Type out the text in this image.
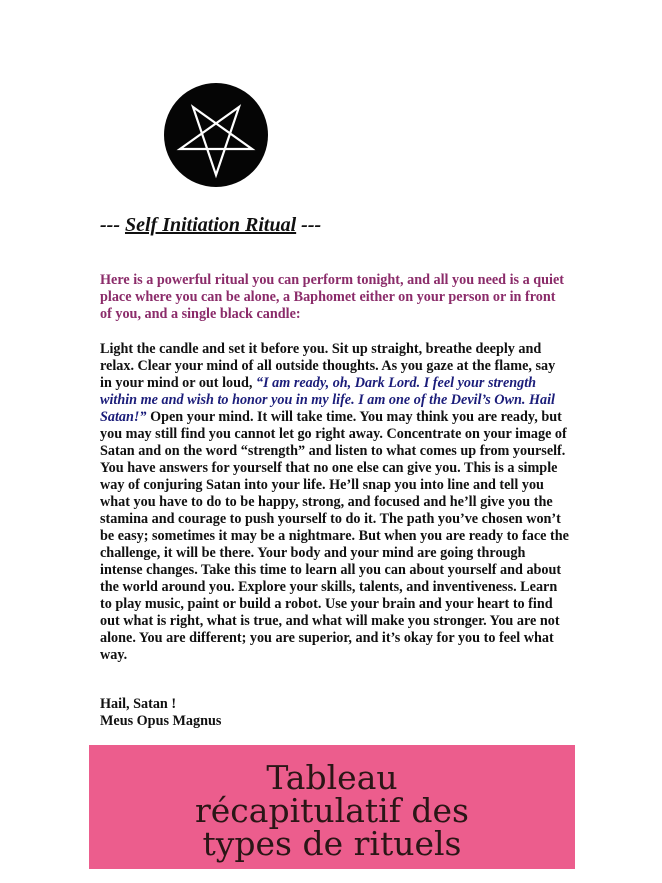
--- Self Initiation Ritual ---

Here is a powerful ritual you can perform tonight, and all you need is a quiet place where you can be alone, a Baphomet either on your person or in front of you, and a single black candle:

Light the candle and set it before you. Sit up straight, breathe deeply and relax. Clear your mind of all outside thoughts. As you gaze at the flame, say in your mind or out loud, “I am ready, oh, Dark Lord. I feel your strength within me and wish to honor you in my life. I am one of the Devil’s Own. Hail Satan!” Open your mind. It will take time. You may think you are ready, but you may still find you cannot let go right away. Concentrate on your image of Satan and on the word “strength” and listen to what comes up from yourself. You have answers for yourself that no one else can give you. This is a simple way of conjuring Satan into your life. He’ll snap you into line and tell you what you have to do to be happy, strong, and focused and he’ll give you the stamina and courage to push yourself to do it. The path you’ve chosen won’t be easy; sometimes it may be a nightmare. But when you are ready to face the challenge, it will be there. Your body and your mind are going through intense changes. Take this time to learn all you can about yourself and about the world around you. Explore your skills, talents, and inventiveness. Learn to play music, paint or build a robot. Use your brain and your heart to find out what is right, what is true, and what will make you stronger. You are not alone. You are different; you are superior, and it’s okay for you to feel what way.

Hail, Satan !
Meus Opus Magnus
Tableau récapitulatif des types de rituels
